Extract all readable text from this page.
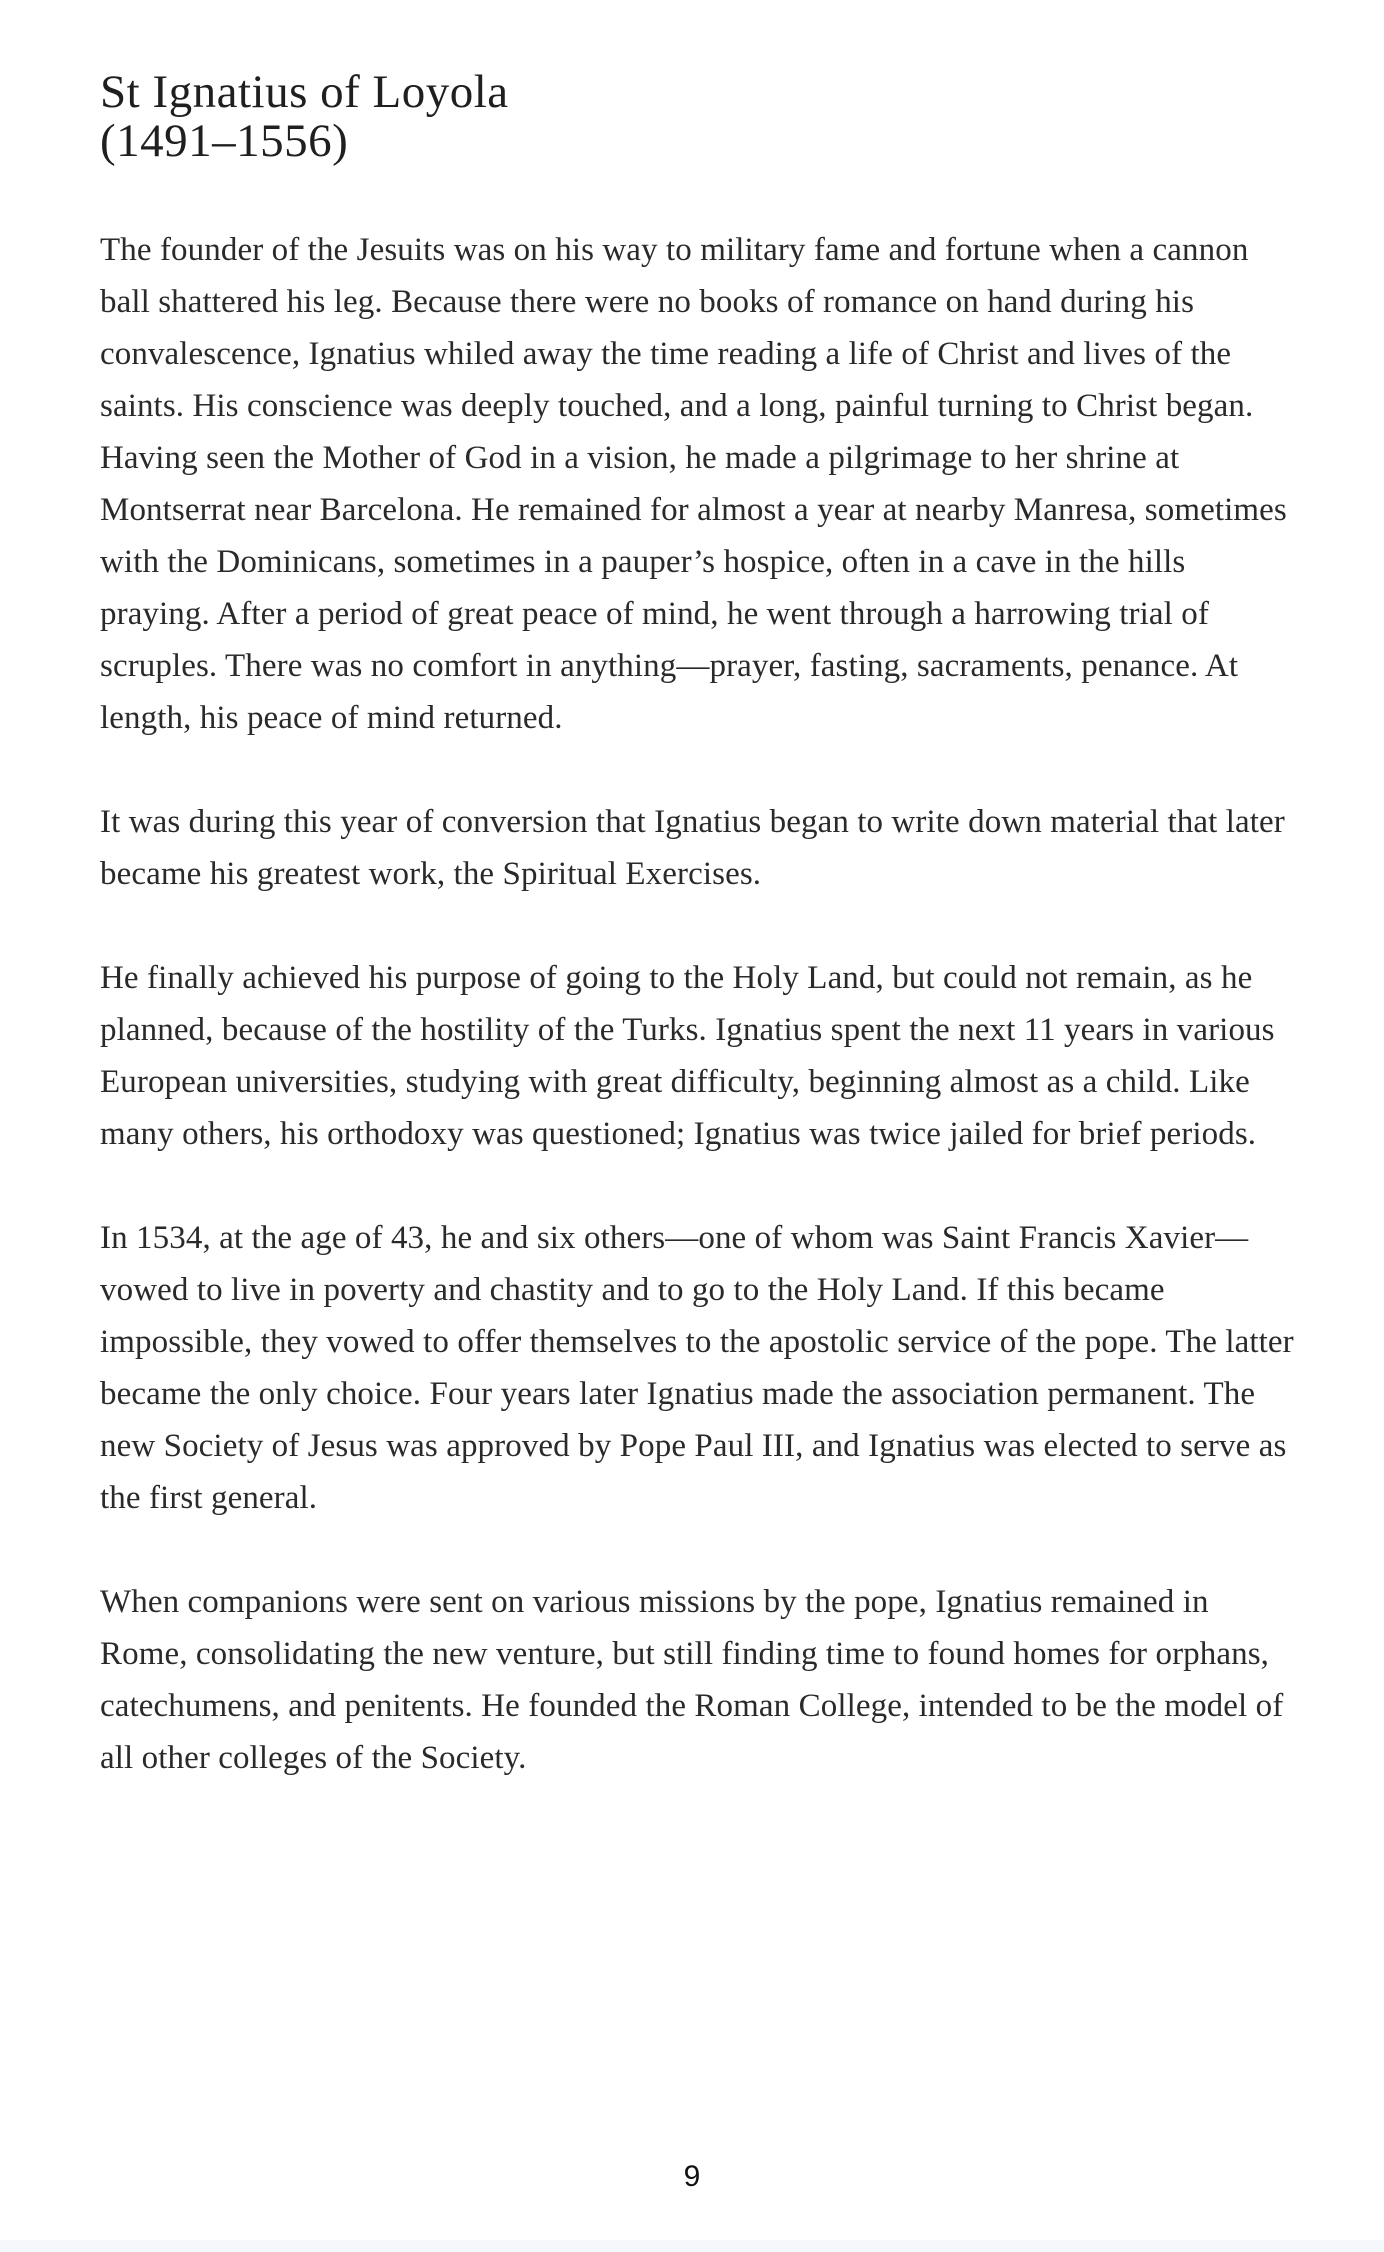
St Ignatius of Loyola
(1491–1556)

The founder of the Jesuits was on his way to military fame and fortune when a cannon ball shattered his leg. Because there were no books of romance on hand during his convalescence, Ignatius whiled away the time reading a life of Christ and lives of the saints. His conscience was deeply touched, and a long, painful turning to Christ began. Having seen the Mother of God in a vision, he made a pilgrimage to her shrine at Montserrat near Barcelona. He remained for almost a year at nearby Manresa, sometimes with the Dominicans, sometimes in a pauper’s hospice, often in a cave in the hills praying. After a period of great peace of mind, he went through a harrowing trial of scruples. There was no comfort in anything—prayer, fasting, sacraments, penance. At length, his peace of mind returned.

It was during this year of conversion that Ignatius began to write down material that later became his greatest work, the Spiritual Exercises.

He finally achieved his purpose of going to the Holy Land, but could not remain, as he planned, because of the hostility of the Turks. Ignatius spent the next 11 years in various European universities, studying with great difficulty, beginning almost as a child. Like many others, his orthodoxy was questioned; Ignatius was twice jailed for brief periods.

In 1534, at the age of 43, he and six others—one of whom was Saint Francis Xavier—vowed to live in poverty and chastity and to go to the Holy Land. If this became impossible, they vowed to offer themselves to the apostolic service of the pope. The latter became the only choice. Four years later Ignatius made the association permanent. The new Society of Jesus was approved by Pope Paul III, and Ignatius was elected to serve as the first general.

When companions were sent on various missions by the pope, Ignatius remained in Rome, consolidating the new venture, but still finding time to found homes for orphans, catechumens, and penitents. He founded the Roman College, intended to be the model of all other colleges of the Society.

9
